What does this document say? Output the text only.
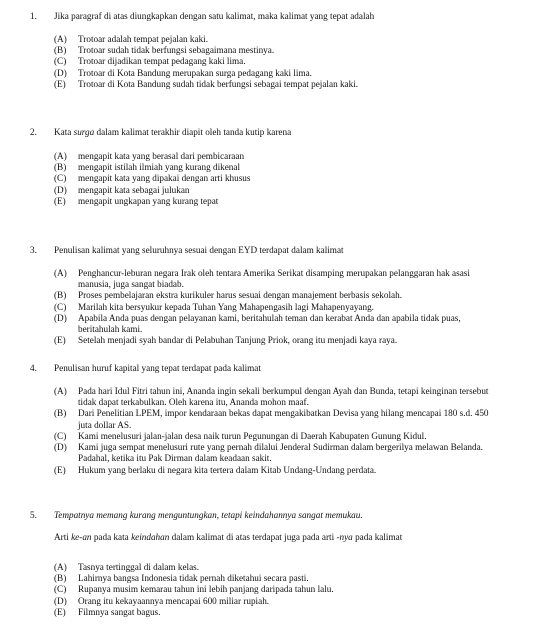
1. Jika paragraf di atas diungkapkan dengan satu kalimat, maka kalimat yang tepat adalah
(A)	Trotoar adalah tempat pejalan kaki.
(B)	Trotoar sudah tidak berfungsi sebagaimana mestinya.
(C)	Trotoar dijadikan tempat pedagang kaki lima.
(D)	Trotoar di Kota Bandung merupakan surga pedagang kaki lima.
(E)	Trotoar di Kota Bandung sudah tidak berfungsi sebagai tempat pejalan kaki.
2. Kata surga dalam kalimat terakhir diapit oleh tanda kutip karena
(A)	mengapit kata yang berasal dari pembicaraan
(B)	mengapit istilah ilmiah yang kurang dikenal
(C)	mengapit kata yang dipakai dengan arti khusus
(D)	mengapit kata sebagai julukan
(E)	mengapit ungkapan yang kurang tepat
3. Penulisan kalimat yang seluruhnya sesuai dengan EYD terdapat dalam kalimat
(A)	Penghancur-leburan negara Irak oleh tentara Amerika Serikat disamping merupakan pelanggaran hak asasi manusia, juga sangat biadab.
(B)	Proses pembelajaran ekstra kurikuler harus sesuai dengan manajement berbasis sekolah.
(C)	Marilah kita bersyukur kepada Tuhan Yang Mahapengasih lagi Mahapenyayang.
(D)	Apabila Anda puas dengan pelayanan kami, beritahulah teman dan kerabat Anda dan apabila tidak puas, beritahulah kami.
(E)	Setelah menjadi syah bandar di Pelabuhan Tanjung Priok, orang itu menjadi kaya raya.
4. Penulisan huruf kapital yang tepat terdapat pada kalimat
(A)	Pada hari Idul Fitri tahun ini, Ananda ingin sekali berkumpul dengan Ayah dan Bunda, tetapi keinginan tersebut tidak dapat terkabulkan. Oleh karena itu, Ananda mohon maaf.
(B)	Dari Penelitian LPEM, impor kendaraan bekas dapat mengakibatkan Devisa yang hilang mencapai 180 s.d. 450 juta dollar AS.
(C)	Kami menelusuri jalan-jalan desa naik turun Pegunungan di Daerah Kabupaten Gunung Kidul.
(D)	Kami juga sempat menelusuri rute yang pernah dilalui Jenderal Sudirman dalam bergerilya melawan Belanda. Padahal, ketika itu Pak Dirman dalam keadaan sakit.
(E)	Hukum yang berlaku di negara kita tertera dalam Kitab Undang-Undang perdata.
5. Tempatnya memang kurang menguntungkan, tetapi keindahannya sangat memukau.
Arti ke-an pada kata keindahan dalam kalimat di atas terdapat juga pada arti -nya pada kalimat
(A)	Tasnya tertinggal di dalam kelas.
(B)	Lahirnya bangsa Indonesia tidak pernah diketahui secara pasti.
(C)	Rupanya musim kemarau tahun ini lebih panjang daripada tahun lalu.
(D)	Orang itu kekayaannya mencapai 600 miliar rupiah.
(E)	Filmnya sangat bagus.
